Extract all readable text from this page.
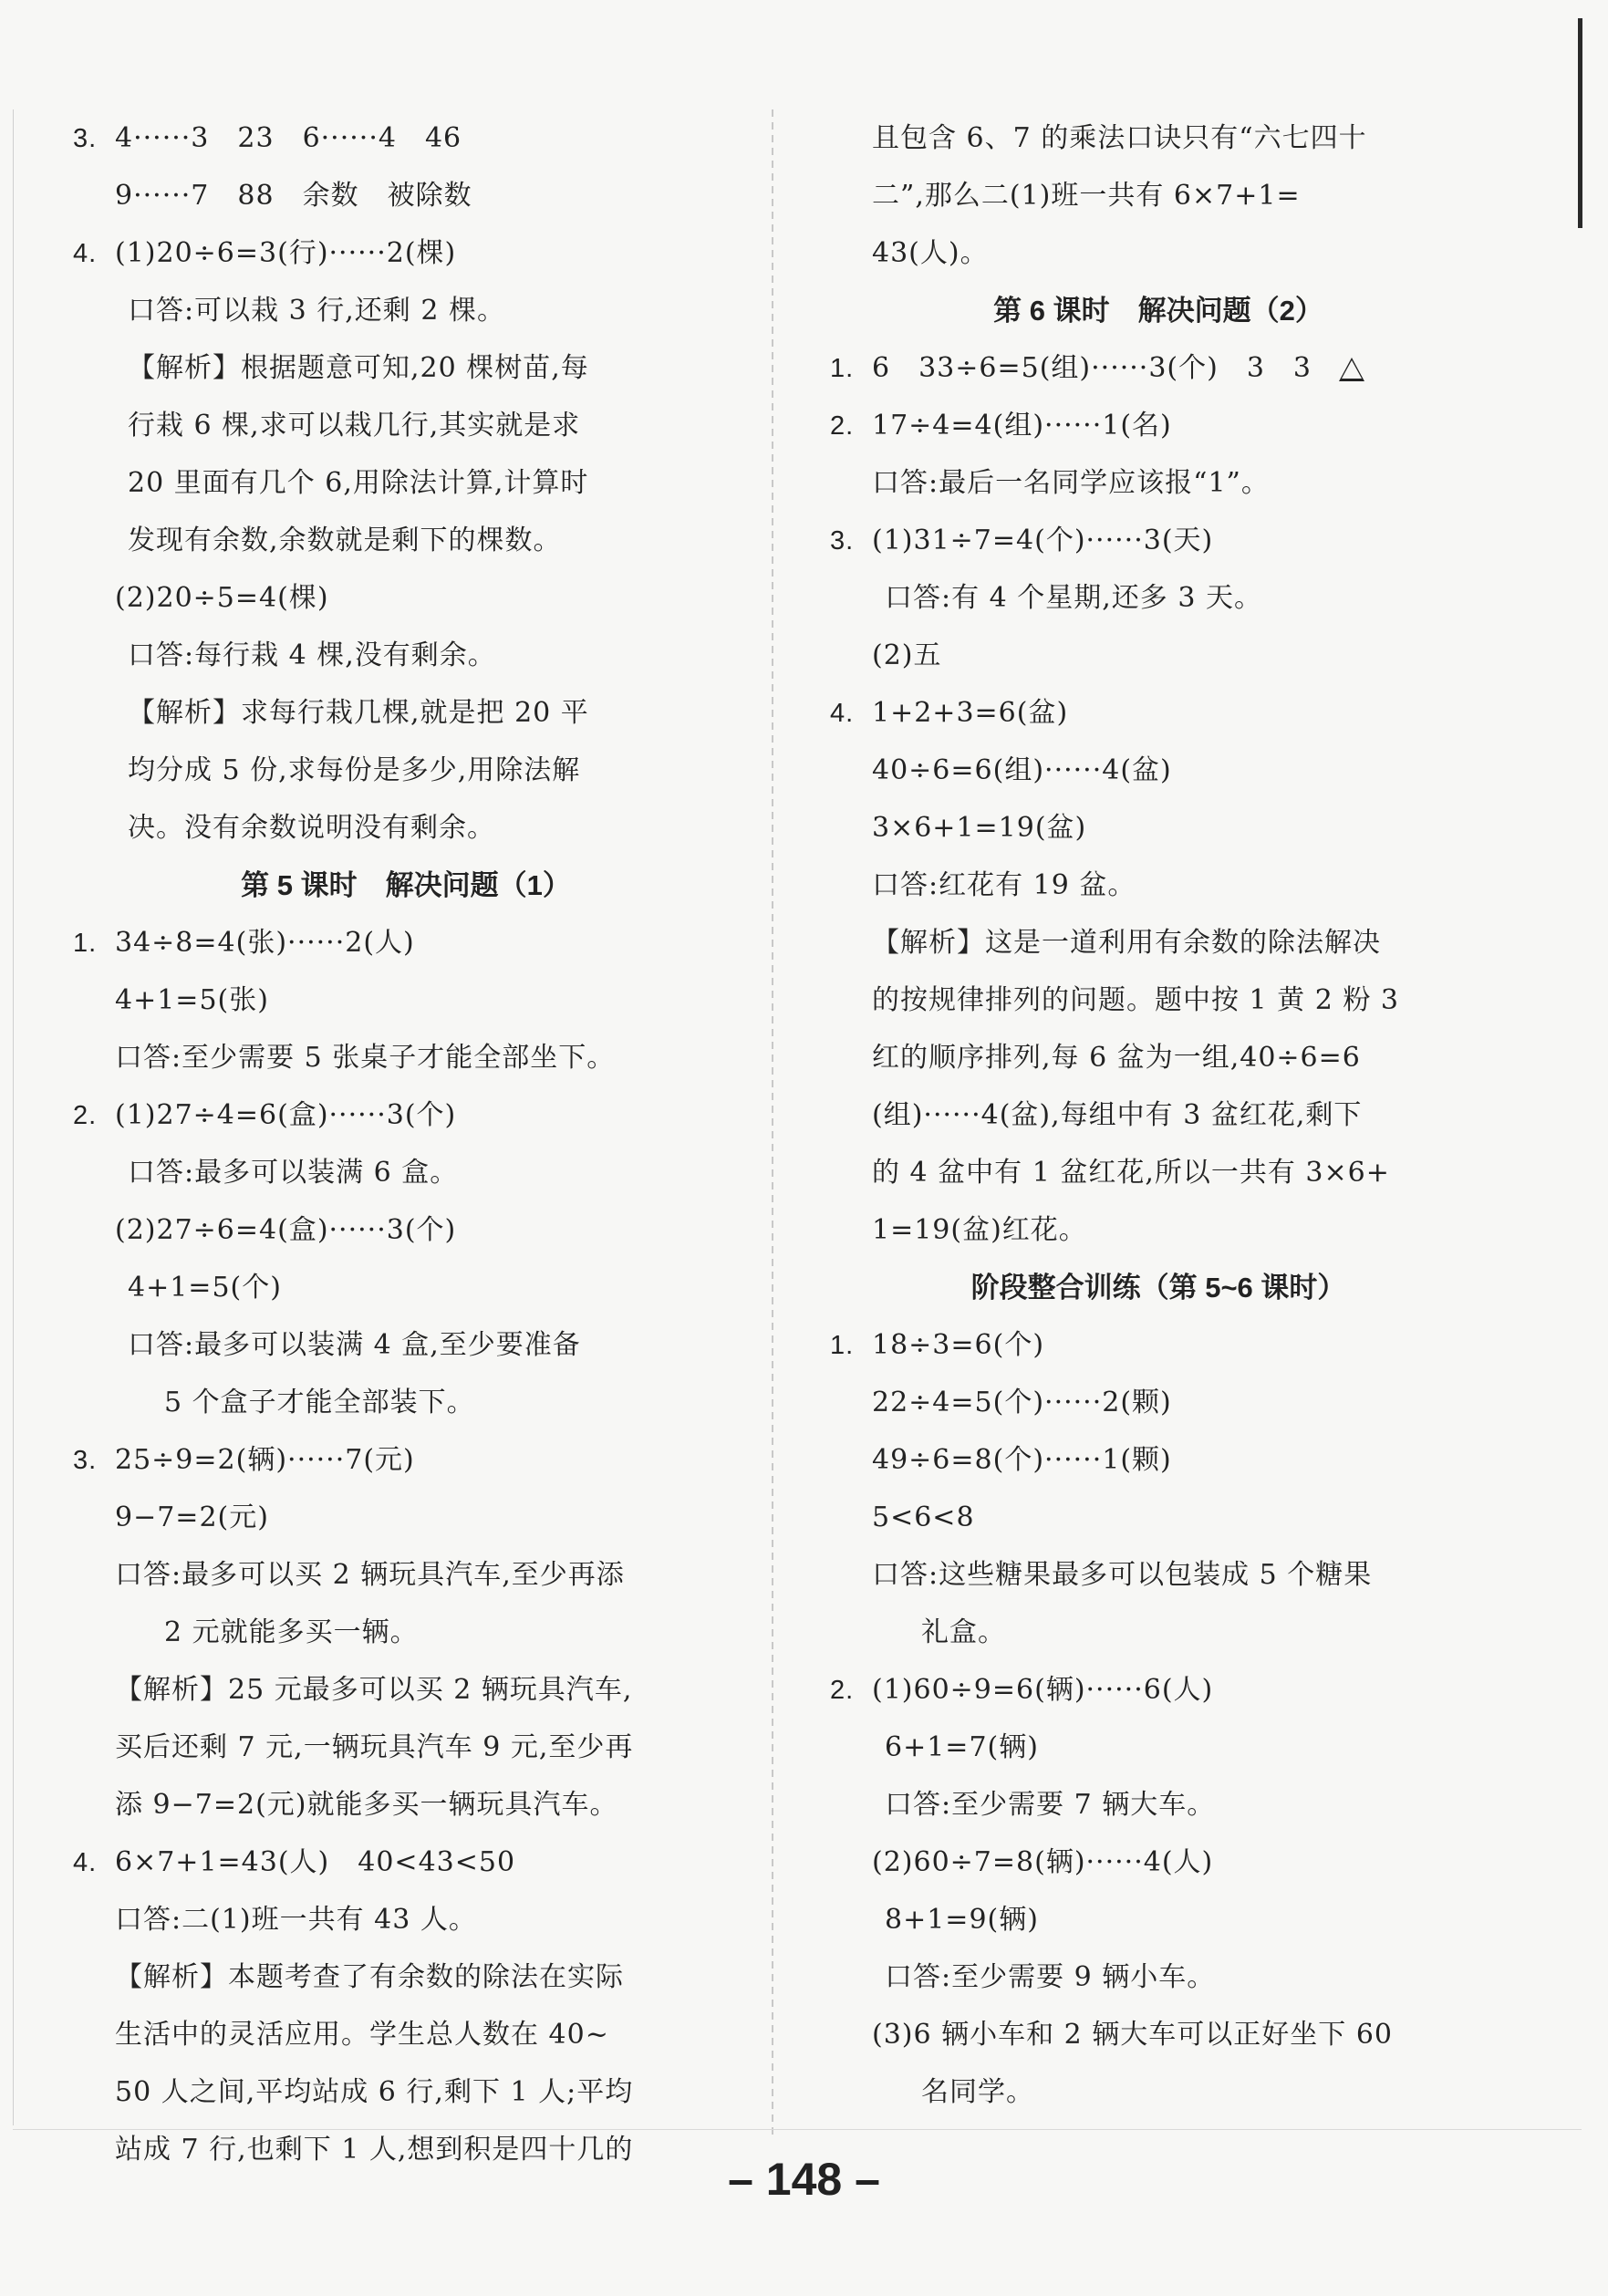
3. 4······3　23　6······4　46
9······7　88　余数　被除数
4. (1)20÷6=3(行)······2(棵)
口答:可以栽 3 行,还剩 2 棵。
【解析】根据题意可知,20 棵树苗,每
行栽 6 棵,求可以栽几行,其实就是求
20 里面有几个 6,用除法计算,计算时
发现有余数,余数就是剩下的棵数。
(2)20÷5=4(棵)
口答:每行栽 4 棵,没有剩余。
【解析】求每行栽几棵,就是把 20 平
均分成 5 份,求每份是多少,用除法解
决。没有余数说明没有剩余。
第 5 课时　解决问题（1）
1. 34÷8=4(张)······2(人)
4+1=5(张)
口答:至少需要 5 张桌子才能全部坐下。
2. (1)27÷4=6(盒)······3(个)
口答:最多可以装满 6 盒。
(2)27÷6=4(盒)······3(个)
4+1=5(个)
口答:最多可以装满 4 盒,至少要准备
5 个盒子才能全部装下。
3. 25÷9=2(辆)······7(元)
9−7=2(元)
口答:最多可以买 2 辆玩具汽车,至少再添
2 元就能多买一辆。
【解析】25 元最多可以买 2 辆玩具汽车,
买后还剩 7 元,一辆玩具汽车 9 元,至少再
添 9−7=2(元)就能多买一辆玩具汽车。
4. 6×7+1=43(人)　40<43<50
口答:二(1)班一共有 43 人。
【解析】本题考查了有余数的除法在实际
生活中的灵活应用。学生总人数在 40~
50 人之间,平均站成 6 行,剩下 1 人;平均
站成 7 行,也剩下 1 人,想到积是四十几的
且包含 6、7 的乘法口诀只有“六七四十
二”,那么二(1)班一共有 6×7+1=
43(人)。
第 6 课时　解决问题（2）
1. 6　33÷6=5(组)······3(个)　3　3
2. 17÷4=4(组)······1(名)
口答:最后一名同学应该报“1”。
3. (1)31÷7=4(个)······3(天)
口答:有 4 个星期,还多 3 天。
(2)五
4. 1+2+3=6(盆)
40÷6=6(组)······4(盆)
3×6+1=19(盆)
口答:红花有 19 盆。
【解析】这是一道利用有余数的除法解决
的按规律排列的问题。题中按 1 黄 2 粉 3
红的顺序排列,每 6 盆为一组,40÷6=6
(组)······4(盆),每组中有 3 盆红花,剩下
的 4 盆中有 1 盆红花,所以一共有 3×6+
1=19(盆)红花。
阶段整合训练（第 5~6 课时）
1. 18÷3=6(个)
22÷4=5(个)······2(颗)
49÷6=8(个)······1(颗)
5<6<8
口答:这些糖果最多可以包装成 5 个糖果
礼盒。
2. (1)60÷9=6(辆)······6(人)
6+1=7(辆)
口答:至少需要 7 辆大车。
(2)60÷7=8(辆)······4(人)
8+1=9(辆)
口答:至少需要 9 辆小车。
(3)6 辆小车和 2 辆大车可以正好坐下 60
名同学。
– 148 –
